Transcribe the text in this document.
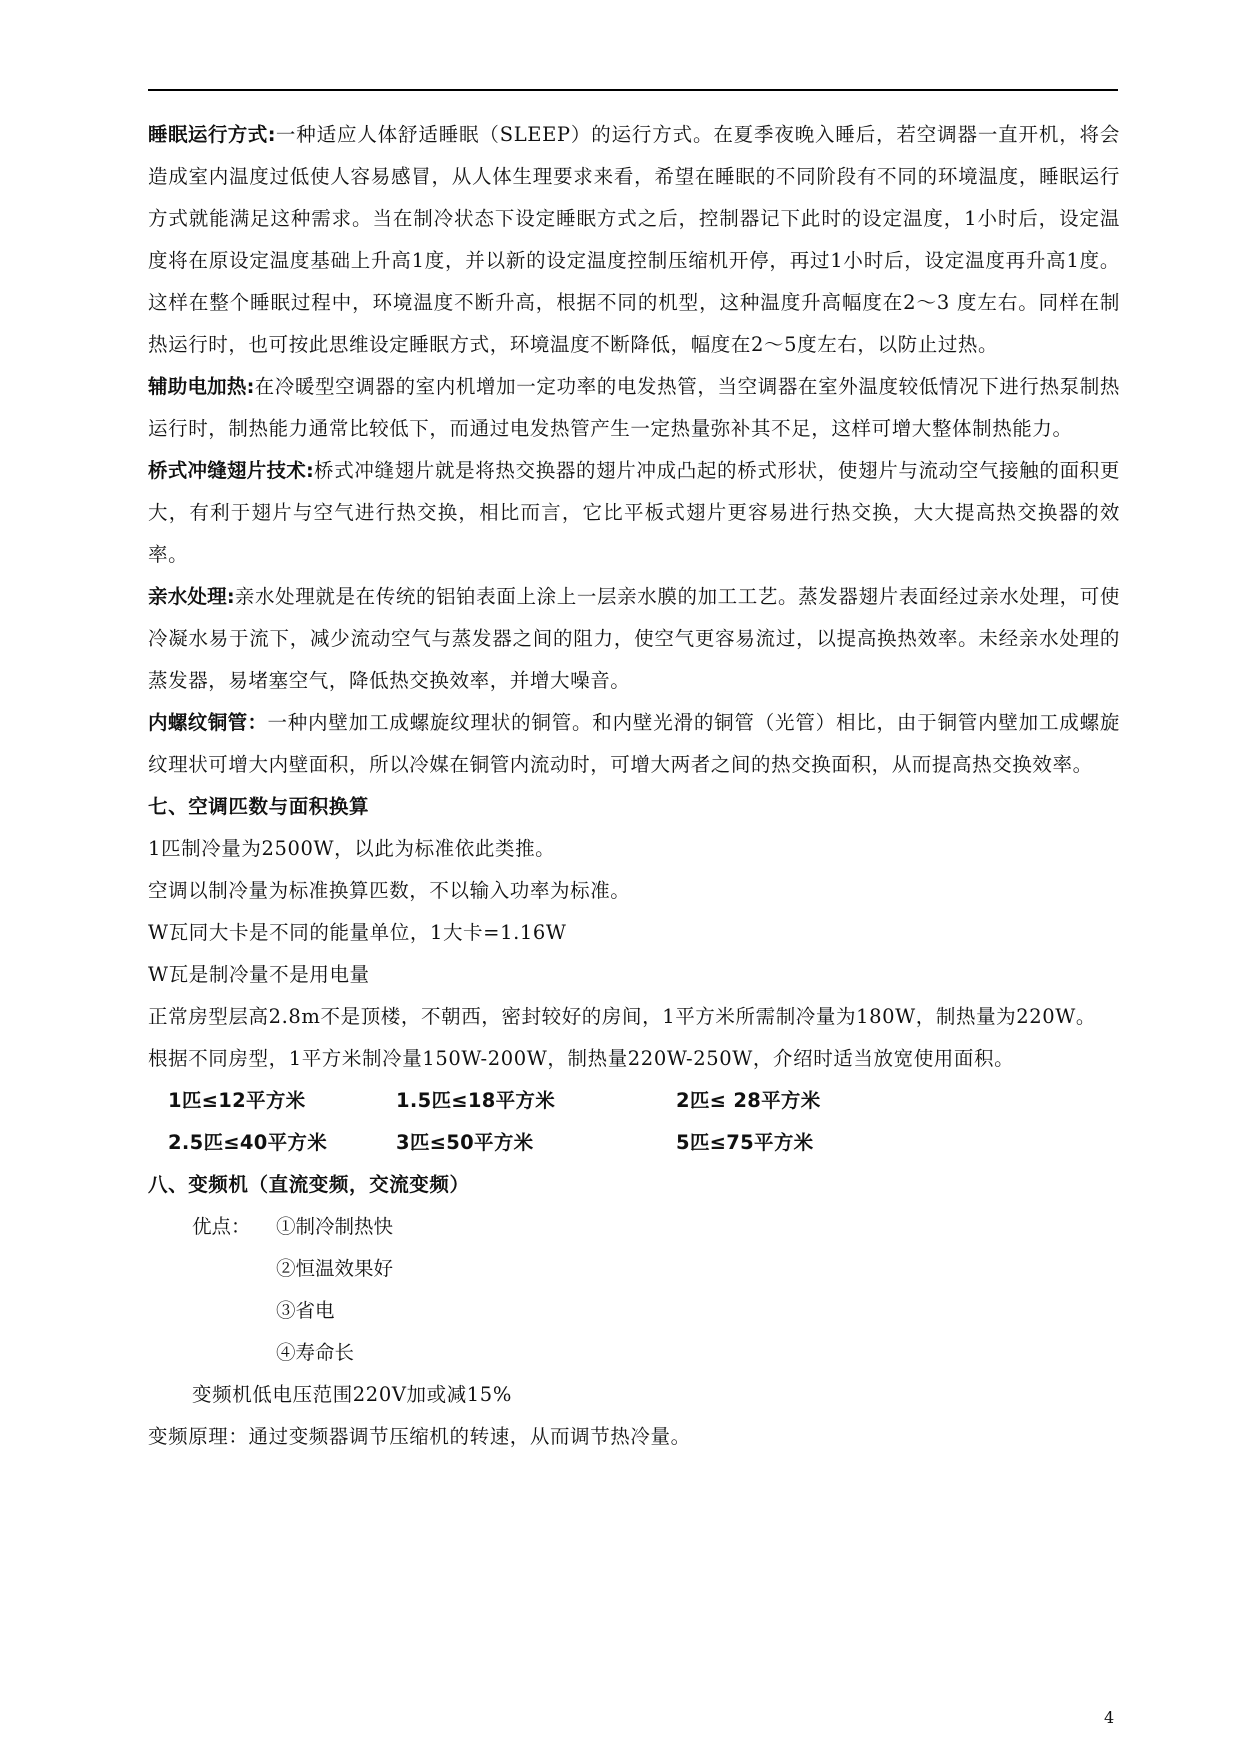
睡眠运行方式:一种适应人体舒适睡眠（SLEEP）的运行方式。在夏季夜晚入睡后，若空调器一直开机，将会造成室内温度过低使人容易感冒，从人体生理要求来看，希望在睡眠的不同阶段有不同的环境温度，睡眠运行方式就能满足这种需求。当在制冷状态下设定睡眠方式之后，控制器记下此时的设定温度，1小时后，设定温度将在原设定温度基础上升高1度，并以新的设定温度控制压缩机开停，再过1小时后，设定温度再升高1度。这样在整个睡眠过程中，环境温度不断升高，根据不同的机型，这种温度升高幅度在2～3 度左右。同样在制热运行时，也可按此思维设定睡眠方式，环境温度不断降低，幅度在2～5度左右，以防止过热。

辅助电加热:在冷暖型空调器的室内机增加一定功率的电发热管，当空调器在室外温度较低情况下进行热泵制热运行时，制热能力通常比较低下，而通过电发热管产生一定热量弥补其不足，这样可增大整体制热能力。

桥式冲缝翅片技术:桥式冲缝翅片就是将热交换器的翅片冲成凸起的桥式形状，使翅片与流动空气接触的面积更大，有利于翅片与空气进行热交换，相比而言，它比平板式翅片更容易进行热交换，大大提高热交换器的效率。

亲水处理:亲水处理就是在传统的铝铂表面上涂上一层亲水膜的加工工艺。蒸发器翅片表面经过亲水处理，可使冷凝水易于流下，减少流动空气与蒸发器之间的阻力，使空气更容易流过，以提高换热效率。未经亲水处理的蒸发器，易堵塞空气，降低热交换效率，并增大噪音。

内螺纹铜管：一种内壁加工成螺旋纹理状的铜管。和内壁光滑的铜管（光管）相比，由于铜管内壁加工成螺旋纹理状可增大内壁面积，所以冷媒在铜管内流动时，可增大两者之间的热交换面积，从而提高热交换效率。

七、空调匹数与面积换算

1匹制冷量为2500W，以此为标准依此类推。

空调以制冷量为标准换算匹数，不以输入功率为标准。

W瓦同大卡是不同的能量单位，1大卡=1.16W

W瓦是制冷量不是用电量

正常房型层高2.8m不是顶楼，不朝西，密封较好的房间，1平方米所需制冷量为180W，制热量为220W。

根据不同房型，1平方米制冷量150W-200W，制热量220W-250W，介绍时适当放宽使用面积。

1匹≤12平方米	1.5匹≤18平方米	2匹≤ 28平方米
2.5匹≤40平方米	3匹≤50平方米	5匹≤75平方米

八、变频机（直流变频，交流变频）

优点： ①制冷制热快
②恒温效果好
③省电
④寿命长

变频机低电压范围220V加或减15%

变频原理：通过变频器调节压缩机的转速，从而调节热冷量。

4
